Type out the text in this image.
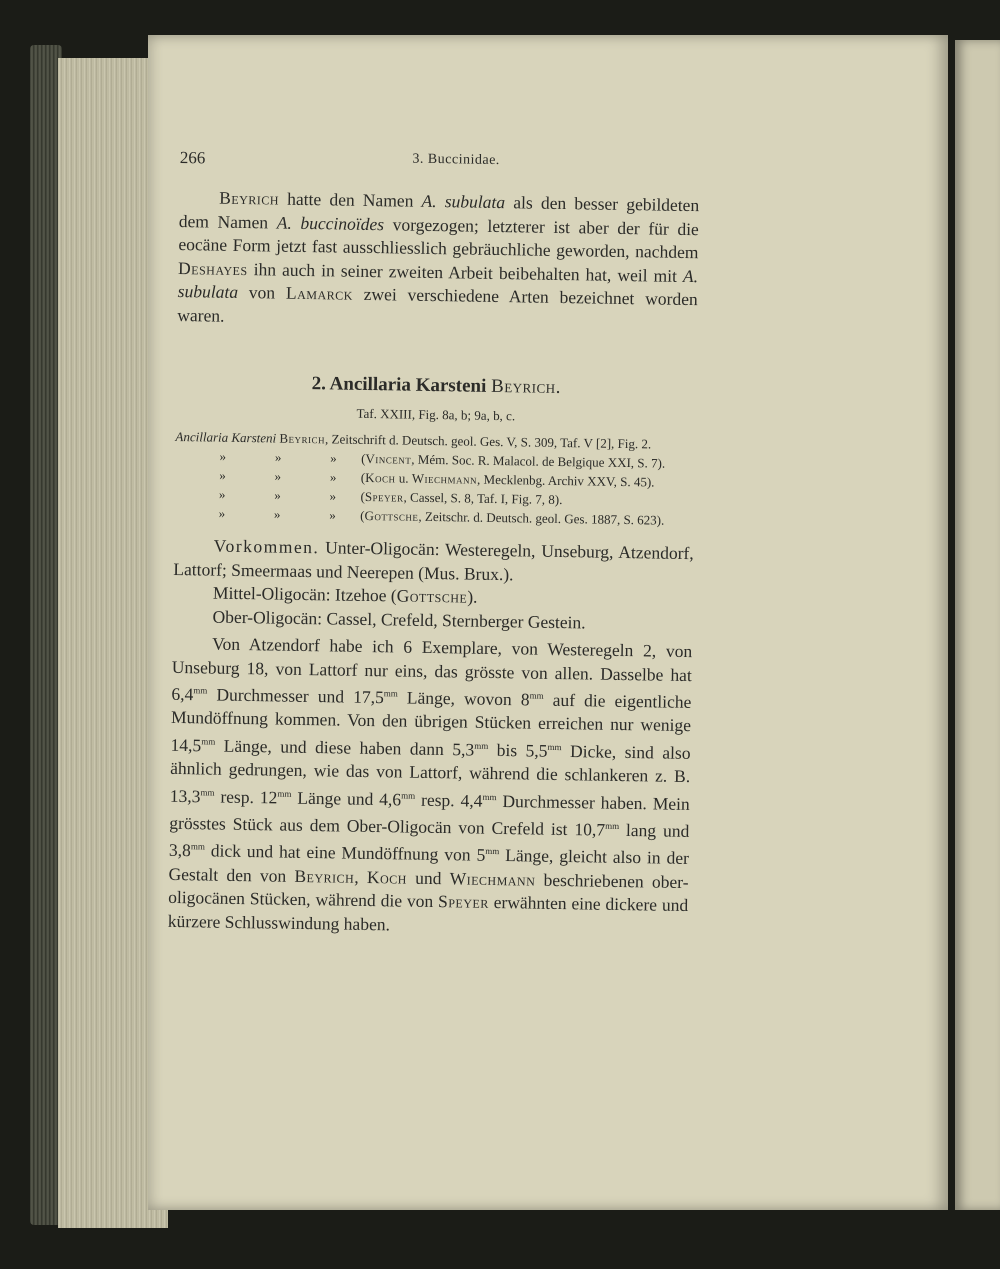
266	3. Buccinidae.

Beyrich hatte den Namen A. subulata als den besser gebildeten dem Namen A. buccinoïdes vorgezogen; letzterer ist aber der für die eocäne Form jetzt fast ausschliesslich gebräuchliche geworden, nachdem Deshayes ihn auch in seiner zweiten Arbeit beibehalten hat, weil mit A. subulata von Lamarck zwei verschiedene Arten bezeichnet worden waren.

2. Ancillaria Karsteni Beyrich.
Taf. XXIII, Fig. 8a, b; 9a, b, c.
Ancillaria Karsteni Beyrich, Zeitschrift d. Deutsch. geol. Ges. V, S. 309, Taf. V [2], Fig. 2.
»	»	» (Vincent, Mém. Soc. R. Malacol. de Belgique XXI, S. 7).
»	»	» (Koch u. Wiechmann, Mecklenbg. Archiv XXV, S. 45).
»	»	» (Speyer, Cassel, S. 8, Taf. I, Fig. 7, 8).
»	»	» (Gottsche, Zeitschr. d. Deutsch. geol. Ges. 1887, S. 623).

Vorkommen. Unter-Oligocän: Westeregeln, Unseburg, Atzendorf, Lattorf; Smeermaas und Neerepen (Mus. Brux.).

Mittel-Oligocän: Itzehoe (Gottsche).

Ober-Oligocän: Cassel, Crefeld, Sternberger Gestein.

Von Atzendorf habe ich 6 Exemplare, von Westeregeln 2, von Unseburg 18, von Lattorf nur eins, das grösste von allen. Dasselbe hat $6,4^{mm}$ Durchmesser und $17,5^{mm}$ Länge, wovon $8^{mm}$ auf die eigentliche Mundöffnung kommen. Von den übrigen Stücken erreichen nur wenige $14,5^{mm}$ Länge, und diese haben dann $5,3^{mm}$ bis $5,5^{mm}$ Dicke, sind also ähnlich gedrungen, wie das von Lattorf, während die schlankeren z. B. $13,3^{mm}$ resp. $12^{mm}$ Länge und $4,6^{mm}$ resp. $4,4^{mm}$ Durchmesser haben. Mein grösstes Stück aus dem Ober-Oligocän von Crefeld ist $10,7^{mm}$ lang und $3,8^{mm}$ dick und hat eine Mundöffnung von $5^{mm}$ Länge, gleicht also in der Gestalt den von Beyrich, Koch und Wiechmann beschriebenen ober-oligocänen Stücken, während die von Speyer erwähnten eine dickere und kürzere Schlusswindung haben.
